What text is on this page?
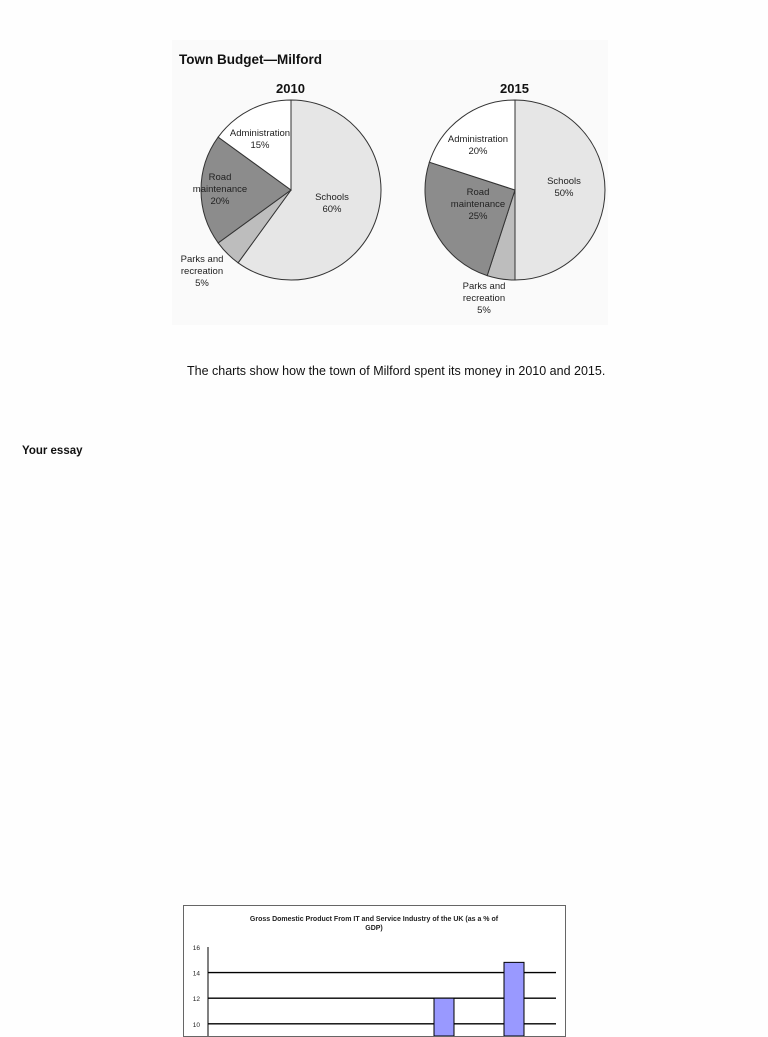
Town Budget—Milford
2010	2015
Schools 60%
Parks and recreation 5%
Road maintenance 20%
Administration 15%
Schools 50%
Parks and recreation 5%
Road maintenance 25%
Administration 20%
The charts show how the town of Milford spent its money in 2010 and 2015.
Your essay
Gross Domestic Product From IT and Service Industry of the UK (as a % of GDP)
10
12
14
16
